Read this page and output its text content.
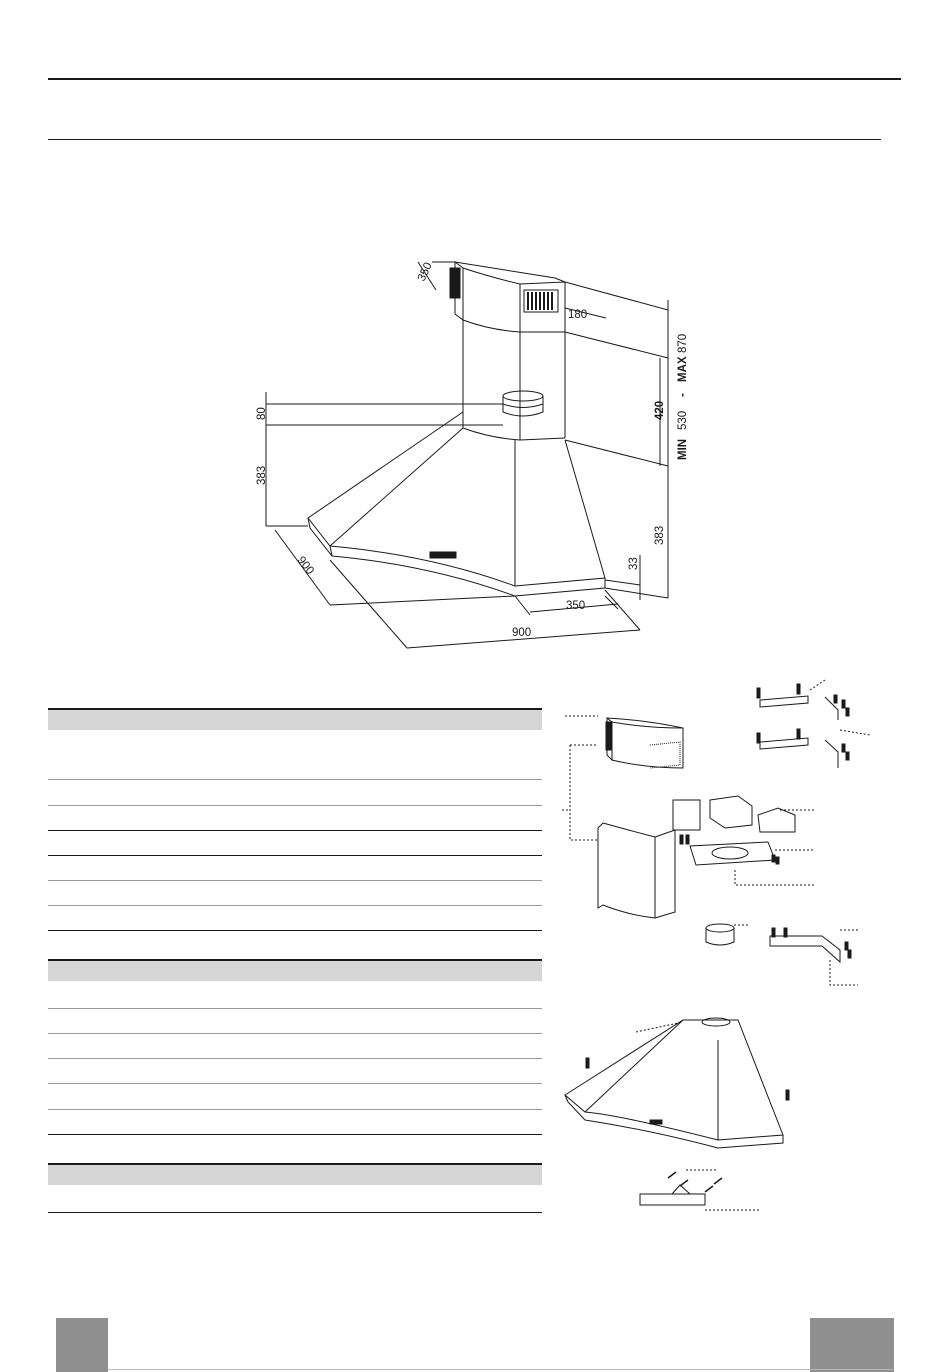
350
180
MIN
530
-
MAX
870
420
80
383
383
33
350
900
900
